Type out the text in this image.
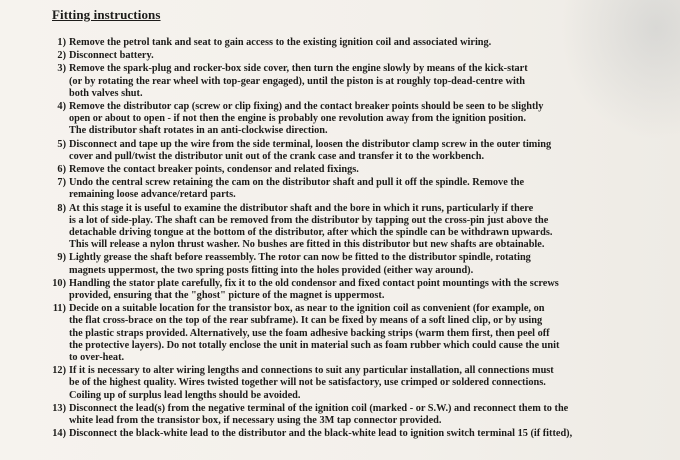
Fitting instructions
1) Remove the petrol tank and seat to gain access to the existing ignition coil and associated wiring.
2) Disconnect battery.
3) Remove the spark-plug and rocker-box side cover, then turn the engine slowly by means of the kick-start
(or by rotating the rear wheel with top-gear engaged), until the piston is at roughly top-dead-centre with
both valves shut.
4) Remove the distributor cap (screw or clip fixing) and the contact breaker points should be seen to be slightly
open or about to open - if not then the engine is probably one revolution away from the ignition position.
The distributor shaft rotates in an anti-clockwise direction.
5) Disconnect and tape up the wire from the side terminal, loosen the distributor clamp screw in the outer timing
cover and pull/twist the distributor unit out of the crank case and transfer it to the workbench.
6) Remove the contact breaker points, condensor and related fixings.
7) Undo the central screw retaining the cam on the distributor shaft and pull it off the spindle. Remove the
remaining loose advance/retard parts.
8) At this stage it is useful to examine the distributor shaft and the bore in which it runs, particularly if there
is a lot of side-play. The shaft can be removed from the distributor by tapping out the cross-pin just above the
detachable driving tongue at the bottom of the distributor, after which the spindle can be withdrawn upwards.
This will release a nylon thrust washer. No bushes are fitted in this distributor but new shafts are obtainable.
9) Lightly grease the shaft before reassembly. The rotor can now be fitted to the distributor spindle, rotating
magnets uppermost, the two spring posts fitting into the holes provided (either way around).
10) Handling the stator plate carefully, fix it to the old condensor and fixed contact point mountings with the screws
provided, ensuring that the "ghost" picture of the magnet is uppermost.
11) Decide on a suitable location for the transistor box, as near to the ignition coil as convenient (for example, on
the flat cross-brace on the top of the rear subframe). It can be fixed by means of a soft lined clip, or by using
the plastic straps provided. Alternatively, use the foam adhesive backing strips (warm them first, then peel off
the protective layers). Do not totally enclose the unit in material such as foam rubber which could cause the unit
to over-heat.
12) If it is necessary to alter wiring lengths and connections to suit any particular installation, all connections must
be of the highest quality. Wires twisted together will not be satisfactory, use crimped or soldered connections.
Coiling up of surplus lead lengths should be avoided.
13) Disconnect the lead(s) from the negative terminal of the ignition coil (marked - or S.W.) and reconnect them to the
white lead from the transistor box, if necessary using the 3M tap connector provided.
14) Disconnect the black-white lead to the distributor and the black-white lead to ignition switch terminal 15 (if fitted),
